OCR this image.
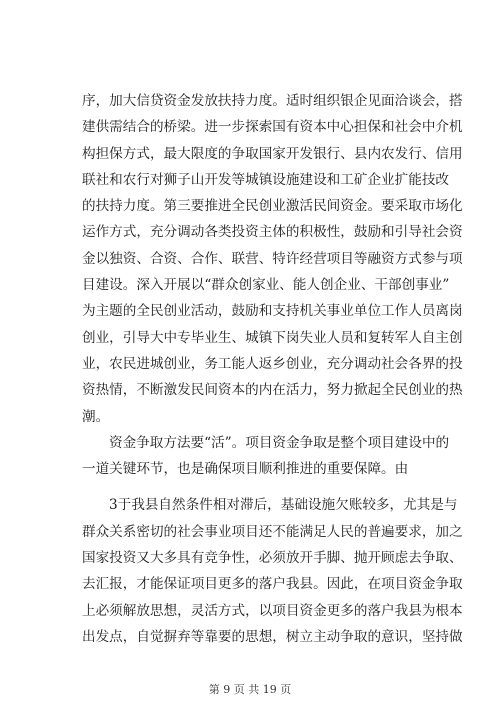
序，加大信贷资金发放扶持力度。适时组织银企见面洽谈会，搭
建供需结合的桥梁。进一步探索国有资本中心担保和社会中介机
构担保方式，最大限度的争取国家开发银行、县内农发行、信用
联社和农行对狮子山开发等城镇设施建设和工矿企业扩能技改
的扶持力度。第三要推进全民创业激活民间资金。要采取市场化
运作方式，充分调动各类投资主体的积极性，鼓励和引导社会资
金以独资、合资、合作、联营、特许经营项目等融资方式参与项
目建设。深入开展以“群众创家业、能人创企业、干部创事业”
为主题的全民创业活动，鼓励和支持机关事业单位工作人员离岗
创业，引导大中专毕业生、城镇下岗失业人员和复转军人自主创
业，农民进城创业，务工能人返乡创业，充分调动社会各界的投
资热情，不断激发民间资本的内在活力，努力掀起全民创业的热
潮。
资金争取方法要“活”。项目资金争取是整个项目建设中的
一道关键环节，也是确保项目顺利推进的重要保障。由
3于我县自然条件相对滞后，基础设施欠账较多，尤其是与
群众关系密切的社会事业项目还不能满足人民的普遍要求，加之
国家投资又大多具有竞争性，必须放开手脚、抛开顾虑去争取、
去汇报，才能保证项目更多的落户我县。因此，在项目资金争取
上必须解放思想，灵活方式，以项目资金更多的落户我县为根本
出发点，自觉摒弃等靠要的思想，树立主动争取的意识，坚持做
第 9 页 共 19 页
